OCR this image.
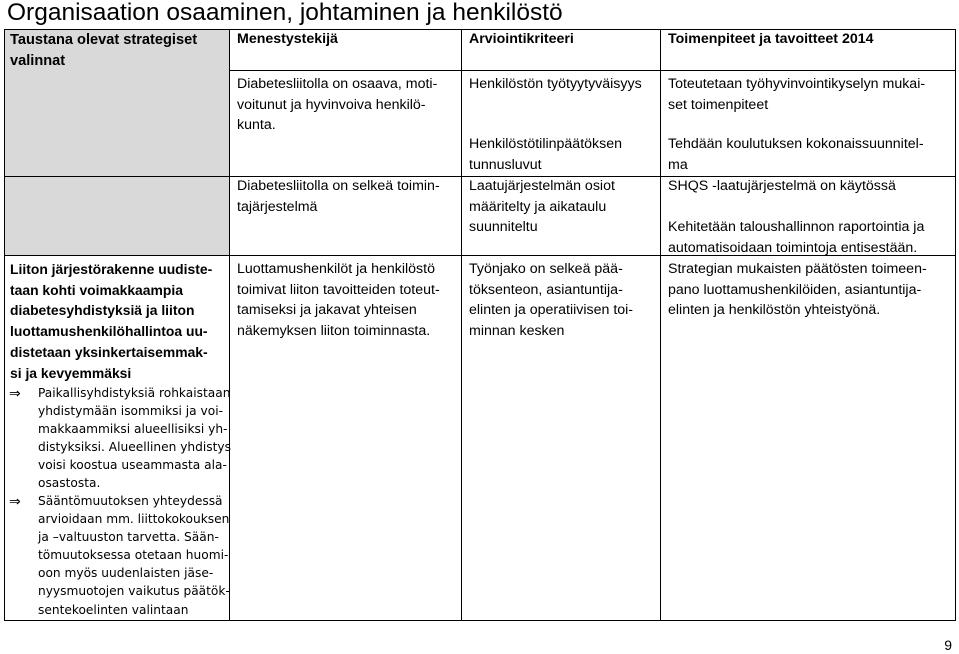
Organisaation osaaminen, johtaminen ja henkilöstö
Taustana olevat strategiset
valinnat
Menestystekijä	Arviointikriteeri	Toimenpiteet ja tavoitteet 2014
Diabetesliitolla on osaava, moti-
voitunut ja hyvinvoiva henkilö-
kunta.
Henkilöstön työtyytyväisyys
Henkilöstötilinpäätöksen
tunnusluvut
Toteutetaan työhyvinvointikyselyn mukai-
set toimenpiteet
Tehdään koulutuksen kokonaissuunnitel-
ma
Diabetesliitolla on selkeä toimin-
tajärjestelmä
Laatujärjestelmän osiot
määritelty ja aikataulu
suunniteltu
SHQS -laatujärjestelmä on käytössä
Kehitetään taloushallinnon raportointia ja
automatisoidaan toimintoja entisestään.
Liiton järjestörakenne uudiste-
taan kohti voimakkaampia
diabetesyhdistyksiä ja liiton
luottamushenkilöhallintoa uu-
distetaan yksinkertaisemmak-
si ja kevyemmäksi
⇒ Paikallisyhdistyksiä rohkaistaan
yhdistymään isommiksi ja voi-
makkaammiksi alueellisiksi yh-
distyksiksi. Alueellinen yhdistys
voisi koostua useammasta ala-
osastosta.
⇒ Sääntömuutoksen yhteydessä
arvioidaan mm. liittokokouksen
ja –valtuuston tarvetta. Sään-
tömuutoksessa otetaan huomi-
oon myös uudenlaisten jäse-
nyysmuotojen vaikutus päätök-
sentekoelinten valintaan
Luottamushenkilöt ja henkilöstö
toimivat liiton tavoitteiden toteut-
tamiseksi ja jakavat yhteisen
näkemyksen liiton toiminnasta.
Työnjako on selkeä pää-
töksenteon, asiantuntija-
elinten ja operatiivisen toi-
minnan kesken
Strategian mukaisten päätösten toimeen-
pano luottamushenkilöiden, asiantuntija-
elinten ja henkilöstön yhteistyönä.
9
